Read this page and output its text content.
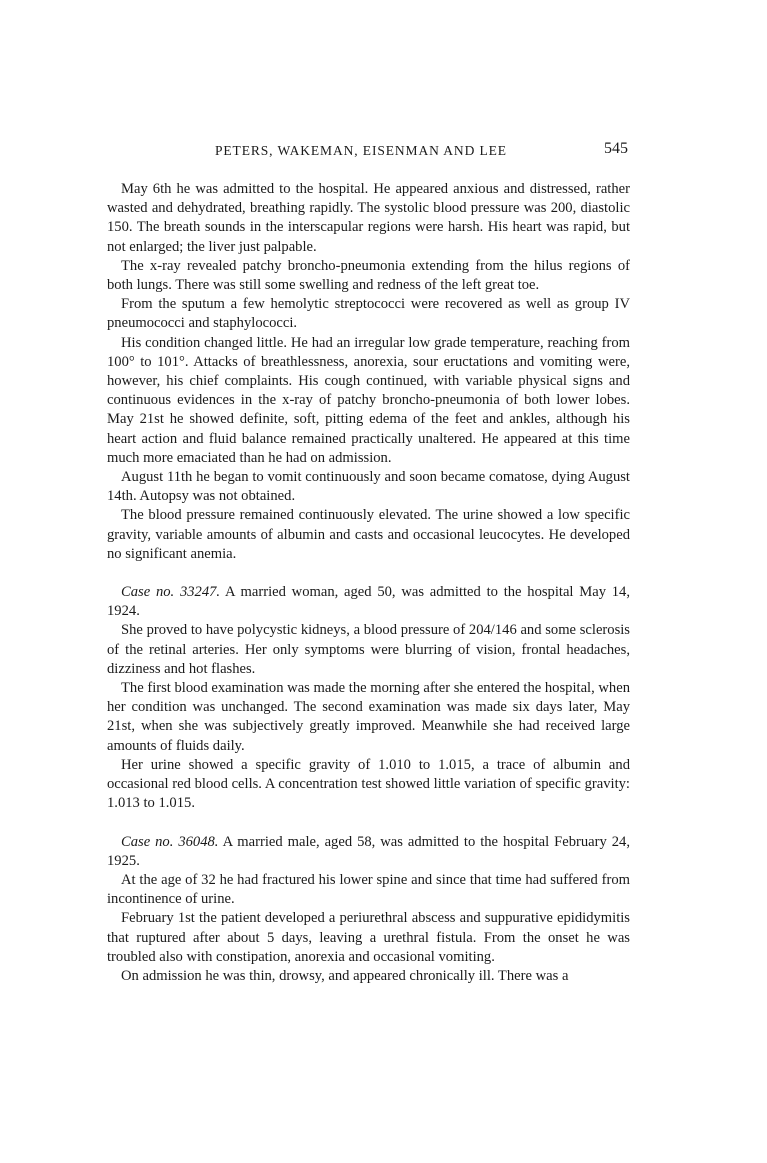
PETERS, WAKEMAN, EISENMAN AND LEE	545

May 6th he was admitted to the hospital. He appeared anxious and distressed, rather wasted and dehydrated, breathing rapidly. The systolic blood pressure was 200, diastolic 150. The breath sounds in the interscapular regions were harsh. His heart was rapid, but not enlarged; the liver just palpable.

The x-ray revealed patchy broncho-pneumonia extending from the hilus regions of both lungs. There was still some swelling and redness of the left great toe.

From the sputum a few hemolytic streptococci were recovered as well as group IV pneumococci and staphylococci.

His condition changed little. He had an irregular low grade temperature, reaching from 100° to 101°. Attacks of breathlessness, anorexia, sour eructations and vomiting were, however, his chief complaints. His cough continued, with variable physical signs and continuous evidences in the x-ray of patchy broncho-pneumonia of both lower lobes. May 21st he showed definite, soft, pitting edema of the feet and ankles, although his heart action and fluid balance remained practically unaltered. He appeared at this time much more emaciated than he had on admission.

August 11th he began to vomit continuously and soon became comatose, dying August 14th. Autopsy was not obtained.

The blood pressure remained continuously elevated. The urine showed a low specific gravity, variable amounts of albumin and casts and occasional leucocytes. He developed no significant anemia.

Case no. 33247. A married woman, aged 50, was admitted to the hospital May 14, 1924.

She proved to have polycystic kidneys, a blood pressure of 204/146 and some sclerosis of the retinal arteries. Her only symptoms were blurring of vision, frontal headaches, dizziness and hot flashes.

The first blood examination was made the morning after she entered the hospital, when her condition was unchanged. The second examination was made six days later, May 21st, when she was subjectively greatly improved. Meanwhile she had received large amounts of fluids daily.

Her urine showed a specific gravity of 1.010 to 1.015, a trace of albumin and occasional red blood cells. A concentration test showed little variation of specific gravity: 1.013 to 1.015.

Case no. 36048. A married male, aged 58, was admitted to the hospital February 24, 1925.

At the age of 32 he had fractured his lower spine and since that time had suffered from incontinence of urine.

February 1st the patient developed a periurethral abscess and suppurative epididymitis that ruptured after about 5 days, leaving a urethral fistula. From the onset he was troubled also with constipation, anorexia and occasional vomiting.

On admission he was thin, drowsy, and appeared chronically ill. There was a
